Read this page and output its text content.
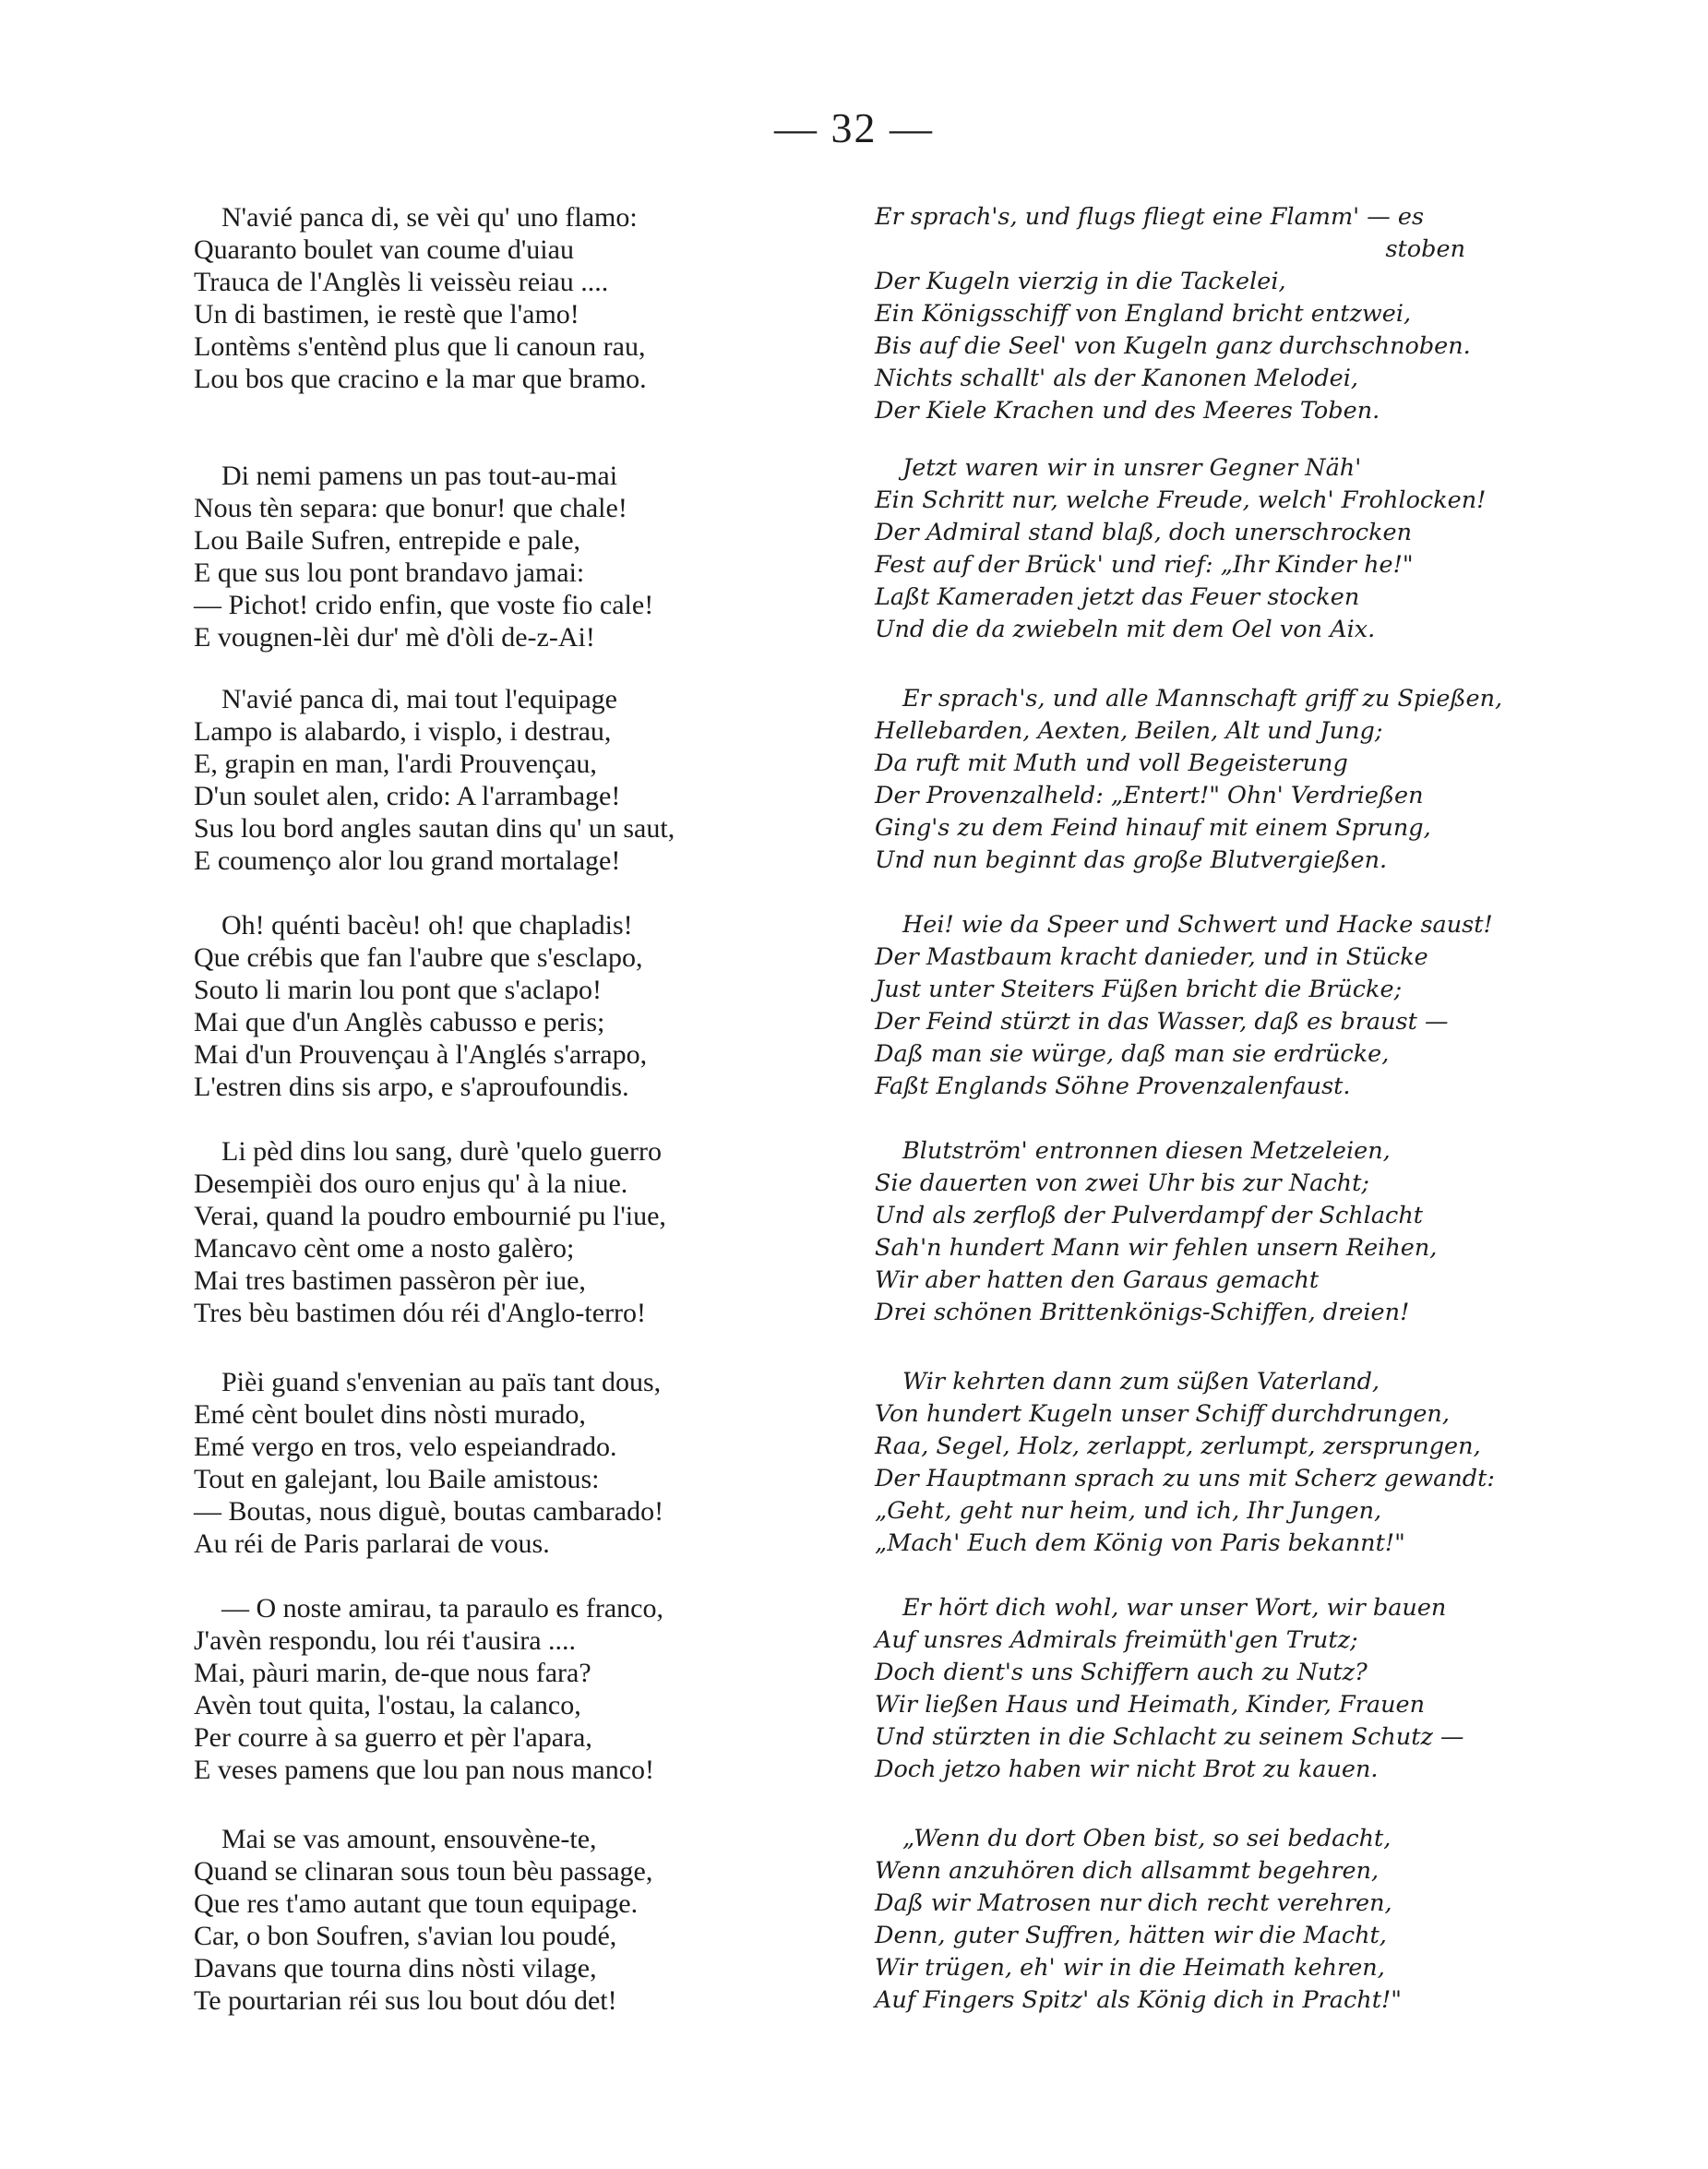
— 32 —
N'avié panca di, se vèi qu' uno flamo:
Quaranto boulet van coume d'uiau
Trauca de l'Anglès li veissèu reiau ....
Un di bastimen, ie restè que l'amo!
Lontèms s'entènd plus que li canoun rau,
Lou bos que cracino e la mar que bramo.
Di nemi pamens un pas tout-au-mai
Nous tèn separa: que bonur! que chale!
Lou Baile Sufren, entrepide e pale,
E que sus lou pont brandavo jamai:
— Pichot! crido enfin, que voste fio cale!
E vougnen-lèi dur' mè d'òli de-z-Ai!
N'avié panca di, mai tout l'equipage
Lampo is alabardo, i visplo, i destrau,
E, grapin en man, l'ardi Prouvençau,
D'un soulet alen, crido: A l'arrambage!
Sus lou bord angles sautan dins qu' un saut,
E coumenço alor lou grand mortalage!
Oh! quénti bacèu! oh! que chapladis!
Que crébis que fan l'aubre que s'esclapo,
Souto li marin lou pont que s'aclapo!
Mai que d'un Anglès cabusso e peris;
Mai d'un Prouvençau à l'Anglés s'arrapo,
L'estren dins sis arpo, e s'aproufoundis.
Li pèd dins lou sang, durè 'quelo guerro
Desempièi dos ouro enjus qu' à la niue.
Verai, quand la poudro embournié pu l'iue,
Mancavo cènt ome a nosto galèro;
Mai tres bastimen passèron pèr iue,
Tres bèu bastimen dóu réi d'Anglo-terro!
Pièi guand s'envenian au païs tant dous,
Emé cènt boulet dins nòsti murado,
Emé vergo en tros, velo espeiandrado.
Tout en galejant, lou Baile amistous:
— Boutas, nous diguè, boutas cambarado!
Au réi de Paris parlarai de vous.
— O noste amirau, ta paraulo es franco,
J'avèn respondu, lou réi t'ausira ....
Mai, pàuri marin, de-que nous fara?
Avèn tout quita, l'ostau, la calanco,
Per courre à sa guerro et pèr l'apara,
E veses pamens que lou pan nous manco!
Mai se vas amount, ensouvène-te,
Quand se clinaran sous toun bèu passage,
Que res t'amo autant que toun equipage.
Car, o bon Soufren, s'avian lou poudé,
Davans que tourna dins nòsti vilage,
Te pourtarian réi sus lou bout dóu det!
Er sprach's, und flugs fliegt eine Flamm' — es
stoben
Der Kugeln vierzig in die Tackelei,
Ein Königsschiff von England bricht entzwei,
Bis auf die Seel' von Kugeln ganz durchschnoben.
Nichts schallt' als der Kanonen Melodei,
Der Kiele Krachen und des Meeres Toben.
Jetzt waren wir in unsrer Gegner Näh'
Ein Schritt nur, welche Freude, welch' Frohlocken!
Der Admiral stand blaß, doch unerschrocken
Fest auf der Brück' und rief: „Ihr Kinder he!"
Laßt Kameraden jetzt das Feuer stocken
Und die da zwiebeln mit dem Oel von Aix.
Er sprach's, und alle Mannschaft griff zu Spießen,
Hellebarden, Aexten, Beilen, Alt und Jung;
Da ruft mit Muth und voll Begeisterung
Der Provenzalheld: „Entert!" Ohn' Verdrießen
Ging's zu dem Feind hinauf mit einem Sprung,
Und nun beginnt das große Blutvergießen.
Hei! wie da Speer und Schwert und Hacke saust!
Der Mastbaum kracht danieder, und in Stücke
Just unter Steiters Füßen bricht die Brücke;
Der Feind stürzt in das Wasser, daß es braust —
Daß man sie würge, daß man sie erdrücke,
Faßt Englands Söhne Provenzalenfaust.
Blutström' entronnen diesen Metzeleien,
Sie dauerten von zwei Uhr bis zur Nacht;
Und als zerfloß der Pulverdampf der Schlacht
Sah'n hundert Mann wir fehlen unsern Reihen,
Wir aber hatten den Garaus gemacht
Drei schönen Brittenkönigs-Schiffen, dreien!
Wir kehrten dann zum süßen Vaterland,
Von hundert Kugeln unser Schiff durchdrungen,
Raa, Segel, Holz, zerlappt, zerlumpt, zersprungen,
Der Hauptmann sprach zu uns mit Scherz gewandt:
„Geht, geht nur heim, und ich, Ihr Jungen,
„Mach' Euch dem König von Paris bekannt!"
Er hört dich wohl, war unser Wort, wir bauen
Auf unsres Admirals freimüth'gen Trutz;
Doch dient's uns Schiffern auch zu Nutz?
Wir ließen Haus und Heimath, Kinder, Frauen
Und stürzten in die Schlacht zu seinem Schutz —
Doch jetzo haben wir nicht Brot zu kauen.
„Wenn du dort Oben bist, so sei bedacht,
Wenn anzuhören dich allsammt begehren,
Daß wir Matrosen nur dich recht verehren,
Denn, guter Suffren, hätten wir die Macht,
Wir trügen, eh' wir in die Heimath kehren,
Auf Fingers Spitz' als König dich in Pracht!"
